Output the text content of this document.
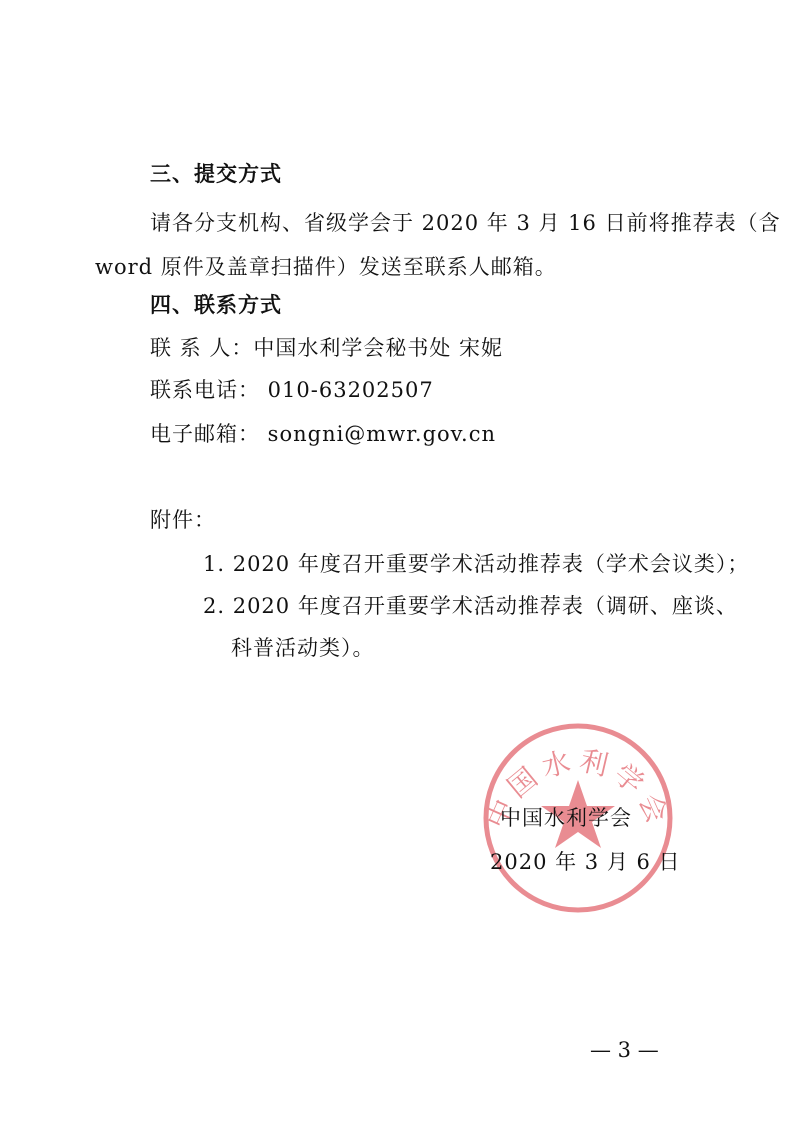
三、提交方式
请各分支机构、省级学会于 2020 年 3 月 16 日前将推荐表（含
word 原件及盖章扫描件）发送至联系人邮箱。
四、联系方式
联 系 人：中国水利学会秘书处 宋妮
联系电话： 010-63202507
电子邮箱： songni@mwr.gov.cn
附件：
1. 2020 年度召开重要学术活动推荐表（学术会议类）；
2. 2020 年度召开重要学术活动推荐表（调研、座谈、
科普活动类）。
中国水利学会
中国水利学会
2020 年 3 月 6 日
— 3 —
